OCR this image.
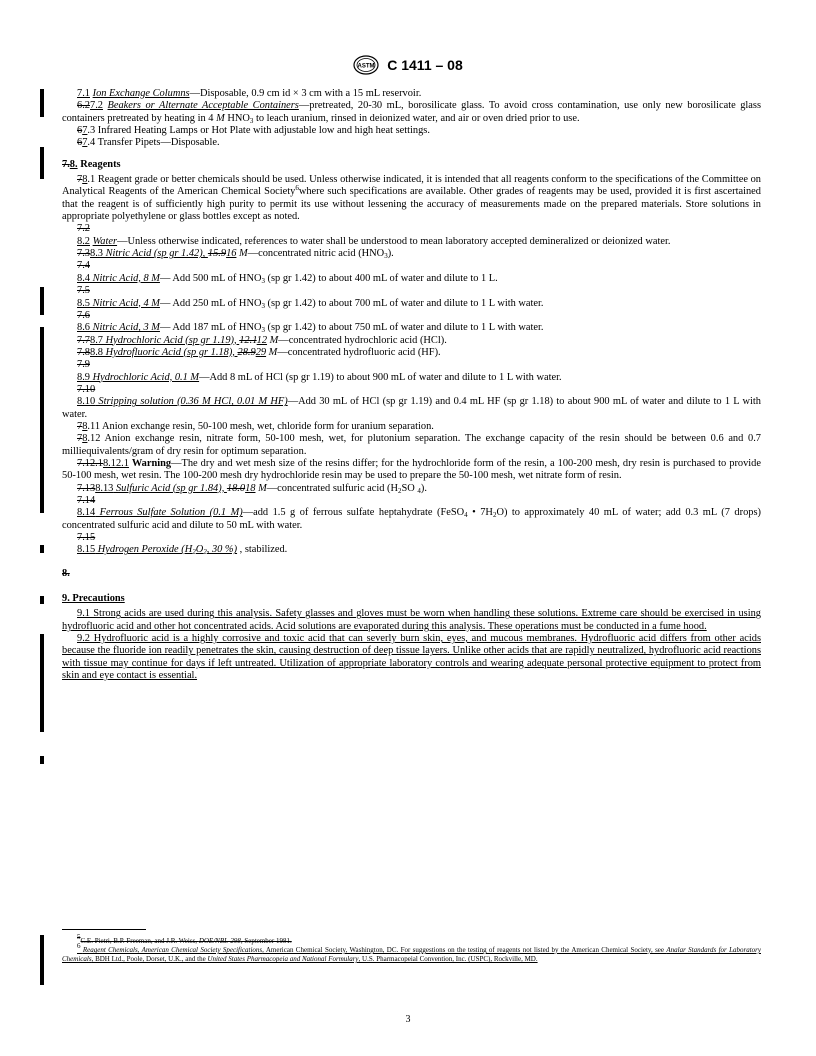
ASTM C 1411 – 08

7.1 Ion Exchange Columns—Disposable, 0.9 cm id × 3 cm with a 15 mL reservoir.

6.27.2 Beakers or Alternate Acceptable Containers—pretreated, 20-30 mL, borosilicate glass. To avoid cross contamination, use only new borosilicate glass containers pretreated by heating in 4 M $HNO_3$ to leach uranium, rinsed in deionized water, and air or oven dried prior to use.

67.3 Infrared Heating Lamps or Hot Plate with adjustable low and high heat settings.

67.4 Transfer Pipets—Disposable.

7.8. Reagents

78.1 Reagent grade or better chemicals should be used. Unless otherwise indicated, it is intended that all reagents conform to the specifications of the Committee on Analytical Reagents of the American Chemical Society$^6$where such specifications are available. Other grades of reagents may be used, provided it is first ascertained that the reagent is of sufficiently high purity to permit its use without lessening the accuracy of measurements made on the prepared materials. Store solutions in appropriate polyethylene or glass bottles except as noted.

7.2

8.2 Water—Unless otherwise indicated, references to water shall be understood to mean laboratory accepted demineralized or deionized water.

7.38.3 Nitric Acid (sp gr 1.42), 15.916 M—concentrated nitric acid $(HNO_3)$.

7.4

8.4 Nitric Acid, 8 M— Add 500 mL of $HNO_3$ (sp gr 1.42) to about 400 mL of water and dilute to 1 L.

7.5

8.5 Nitric Acid, 4 M— Add 250 mL of $HNO_3$ (sp gr 1.42) to about 700 mL of water and dilute to 1 L with water.

7.6

8.6 Nitric Acid, 3 M— Add 187 mL of $HNO_3$ (sp gr 1.42) to about 750 mL of water and dilute to 1 L with water.

7.78.7 Hydrochloric Acid (sp gr 1.19), 12.112 M—concentrated hydrochloric acid (HCl).

7.88.8 Hydrofluoric Acid (sp gr 1.18), 28.929 M—concentrated hydrofluoric acid (HF).

7.9

8.9 Hydrochloric Acid, 0.1 M—Add 8 mL of HCl (sp gr 1.19) to about 900 mL of water and dilute to 1 L with water.

7.10

8.10 Stripping solution (0.36 M HCl, 0.01 M HF)—Add 30 mL of HCl (sp gr 1.19) and 0.4 mL HF (sp gr 1.18) to about 900 mL of water and dilute to 1 L with water.

78.11 Anion exchange resin, 50-100 mesh, wet, chloride form for uranium separation.

78.12 Anion exchange resin, nitrate form, 50-100 mesh, wet, for plutonium separation. The exchange capacity of the resin should be between 0.6 and 0.7 milliequivalents/gram of dry resin for optimum separation.

7.12.18.12.1 Warning—The dry and wet mesh size of the resins differ; for the hydrochloride form of the resin, a 100-200 mesh, dry resin is purchased to provide 50-100 mesh, wet resin. The 100-200 mesh dry hydrochloride resin may be used to prepare the 50-100 mesh, wet nitrate form of resin.

7.138.13 Sulfuric Acid (sp gr 1.84), 18.018 M—concentrated sulfuric acid ($H_2SO$ $_4$).

7.14

8.14 Ferrous Sulfate Solution (0.1 M)—add 1.5 g of ferrous sulfate heptahydrate (FeSO$_4$ • $7H_2O$) to approximately 40 mL of water; add 0.3 mL (7 drops) concentrated sulfuric acid and dilute to 50 mL with water.

7.15

8.15 Hydrogen Peroxide ($H_2O_2$, 30 %) , stabilized.

8.

9. Precautions

9.1 Strong acids are used during this analysis. Safety glasses and gloves must be worn when handling these solutions. Extreme care should be exercised in using hydrofluoric acid and other hot concentrated acids. Acid solutions are evaporated during this analysis. These operations must be conducted in a fume hood.

9.2 Hydrofluoric acid is a highly corrosive and toxic acid that can severly burn skin, eyes, and mucous membranes. Hydrofluoric acid differs from other acids because the fluoride ion readily penetrates the skin, causing destruction of deep tissue layers. Unlike other acids that are rapidly neutralized, hydrofluoric acid reactions with tissue may continue for days if left untreated. Utilization of appropriate laboratory controls and wearing adequate personal protective equipment to protect from skin and eye contact is essential.

$^5$C.E. Pietri, B.P. Freeman, and J.R. Weiss, DOE/NBL-298, September 1981.

$^6$ Reagent Chemicals, American Chemical Society Specifications, American Chemical Society, Washington, DC. For suggestions on the testing of reagents not listed by the American Chemical Society, see Analar Standards for Laboratory Chemicals, BDH Ltd., Poole, Dorset, U.K., and the United States Pharmacopeia and National Formulary, U.S. Pharmacopeial Convention, Inc. (USPC), Rockville, MD.

3
